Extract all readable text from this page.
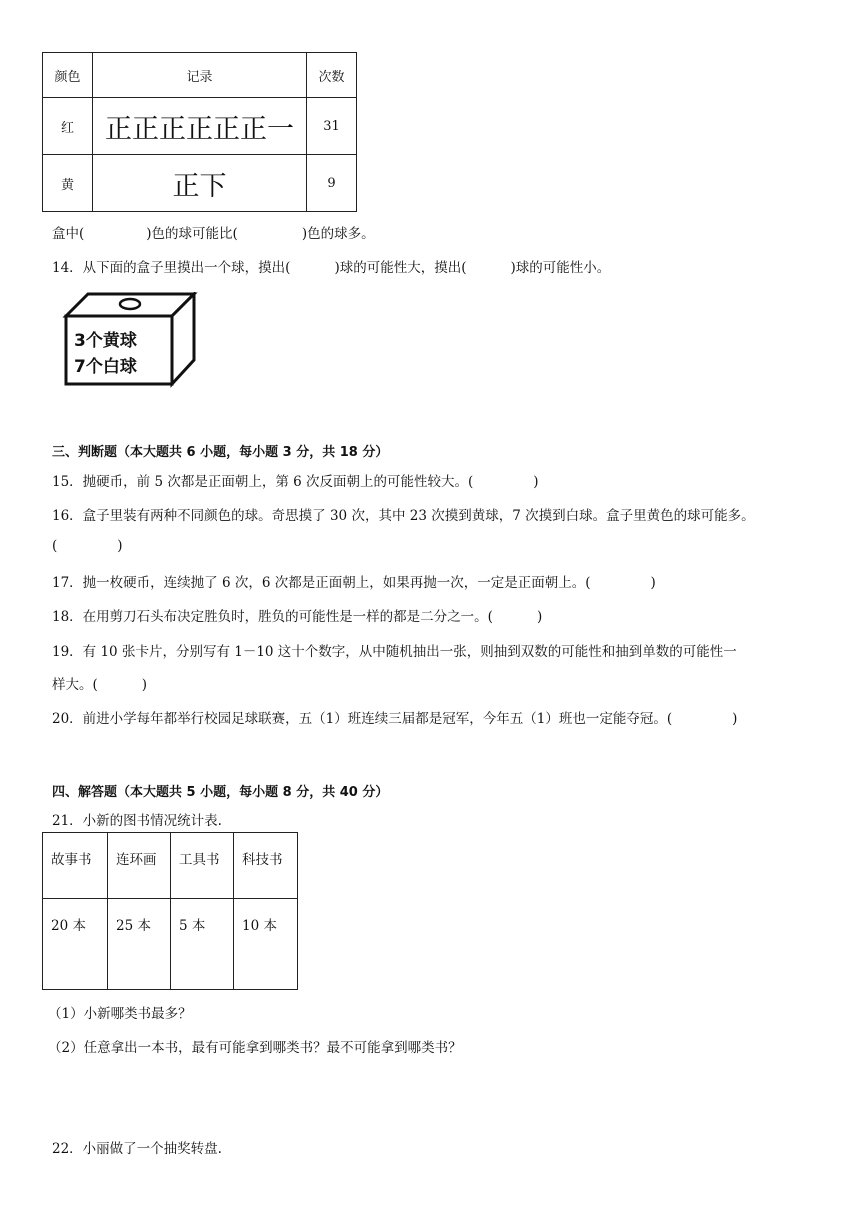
颜色	记录	次数
红	正正正正正正一	31
黄	正下	9
盒中(	)色的球可能比(	)色的球多。
14．从下面的盒子里摸出一个球，摸出(	)球的可能性大，摸出(	)球的可能性小。
3个黄球
7个白球
三、判断题（本大题共 6 小题，每小题 3 分，共 18 分）
15．抛硬币，前 5 次都是正面朝上，第 6 次反面朝上的可能性较大。(	)
16．盒子里装有两种不同颜色的球。奇思摸了 30 次，其中 23 次摸到黄球，7 次摸到白球。盒子里黄色的球可能多。
(	)
17．抛一枚硬币，连续抛了 6 次，6 次都是正面朝上，如果再抛一次，一定是正面朝上。(	)
18．在用剪刀石头布决定胜负时，胜负的可能性是一样的都是二分之一。(	)
19．有 10 张卡片，分别写有 1－10 这十个数字，从中随机抽出一张，则抽到双数的可能性和抽到单数的可能性一
样大。(	)
20．前进小学每年都举行校园足球联赛，五（1）班连续三届都是冠军，今年五（1）班也一定能夺冠。(	)
四、解答题（本大题共 5 小题，每小题 8 分，共 40 分）
21．小新的图书情况统计表.
故事书	连环画	工具书	科技书
20 本	25 本	5 本	10 本
（1）小新哪类书最多？
（2）任意拿出一本书，最有可能拿到哪类书？最不可能拿到哪类书？
22．小丽做了一个抽奖转盘.
